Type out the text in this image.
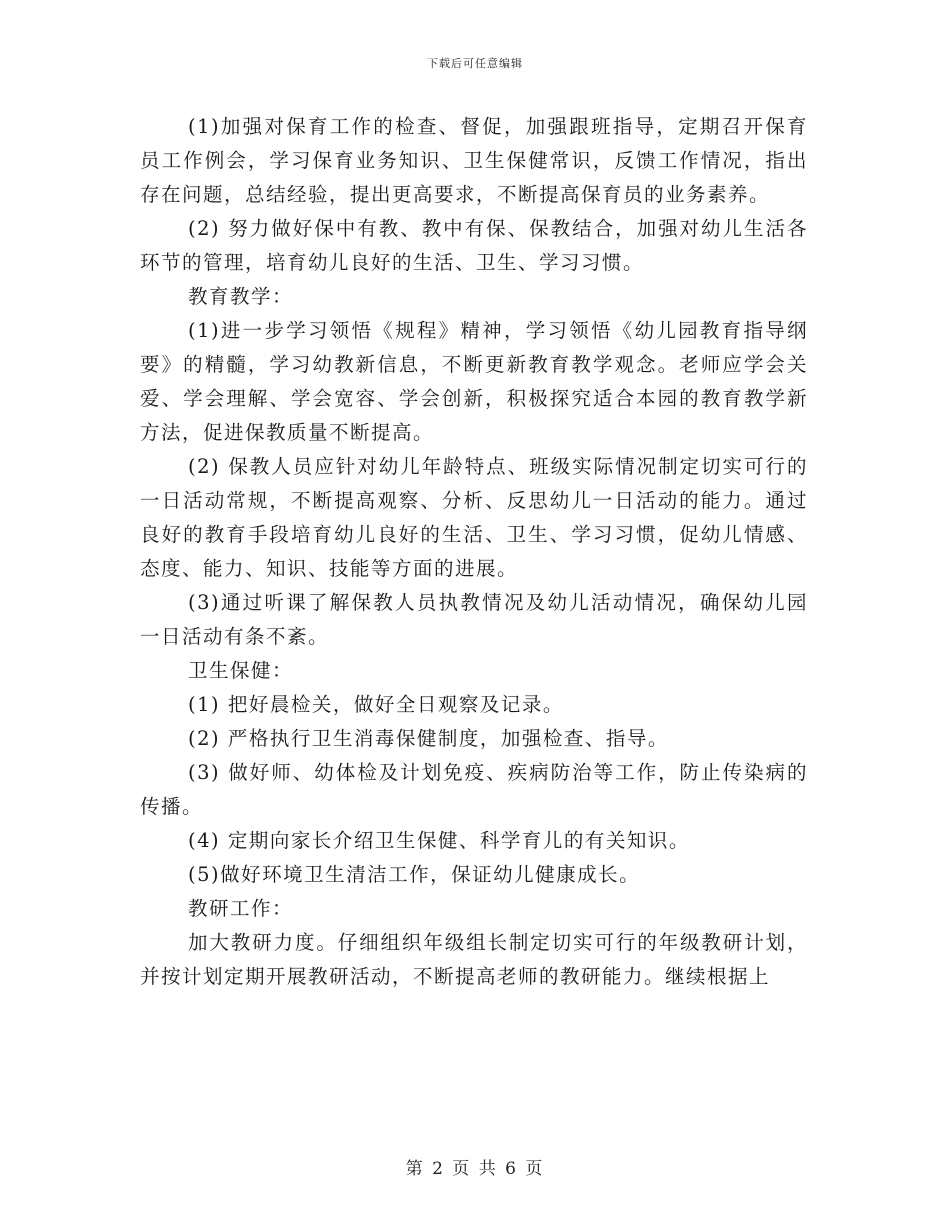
下载后可任意编辑

(1)加强对保育工作的检查、督促，加强跟班指导，定期召开保育员工作例会，学习保育业务知识、卫生保健常识，反馈工作情况，指出存在问题，总结经验，提出更高要求，不断提高保育员的业务素养。

(2) 努力做好保中有教、教中有保、保教结合，加强对幼儿生活各环节的管理，培育幼儿良好的生活、卫生、学习习惯。

教育教学：

(1)进一步学习领悟《规程》精神，学习领悟《幼儿园教育指导纲要》的精髓，学习幼教新信息，不断更新教育教学观念。老师应学会关爱、学会理解、学会宽容、学会创新，积极探究适合本园的教育教学新方法，促进保教质量不断提高。

(2) 保教人员应针对幼儿年龄特点、班级实际情况制定切实可行的一日活动常规，不断提高观察、分析、反思幼儿一日活动的能力。通过良好的教育手段培育幼儿良好的生活、卫生、学习习惯，促幼儿情感、态度、能力、知识、技能等方面的进展。

(3)通过听课了解保教人员执教情况及幼儿活动情况，确保幼儿园一日活动有条不紊。

卫生保健：

(1) 把好晨检关，做好全日观察及记录。

(2) 严格执行卫生消毒保健制度，加强检查、指导。

(3) 做好师、幼体检及计划免疫、疾病防治等工作，防止传染病的传播。

(4) 定期向家长介绍卫生保健、科学育儿的有关知识。

(5)做好环境卫生清洁工作，保证幼儿健康成长。

教研工作：

加大教研力度。仔细组织年级组长制定切实可行的年级教研计划，并按计划定期开展教研活动，不断提高老师的教研能力。继续根据上

第 2 页 共 6 页
